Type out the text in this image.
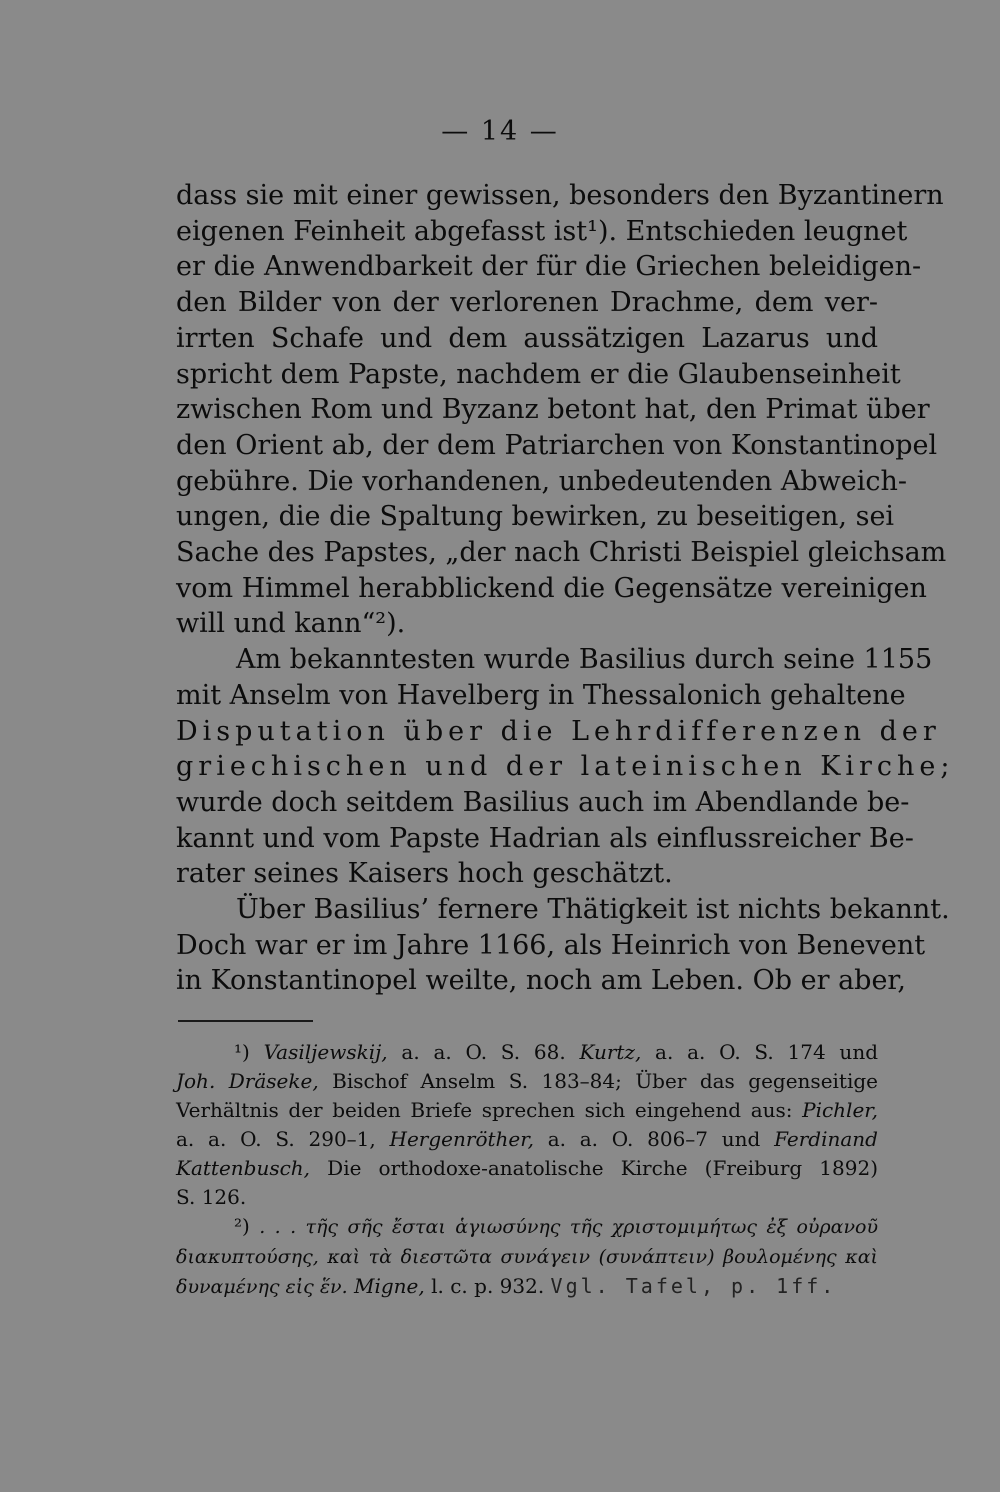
— 14 —
dass sie mit einer gewissen, besonders den Byzantinern
eigenen Feinheit abgefasst ist¹). Entschieden leugnet
er die Anwendbarkeit der für die Griechen beleidigen-
den Bilder von der verlorenen Drachme, dem ver-
irrten Schafe und dem aussätzigen Lazarus und
spricht dem Papste, nachdem er die Glaubenseinheit
zwischen Rom und Byzanz betont hat, den Primat über
den Orient ab, der dem Patriarchen von Konstantinopel
gebühre. Die vorhandenen, unbedeutenden Abweich-
ungen, die die Spaltung bewirken, zu beseitigen, sei
Sache des Papstes, „der nach Christi Beispiel gleichsam
vom Himmel herabblickend die Gegensätze vereinigen
will und kann“²).
Am bekanntesten wurde Basilius durch seine 1155
mit Anselm von Havelberg in Thessalonich gehaltene
Disputation über die Lehrdifferenzen der
griechischen und der lateinischen Kirche;
wurde doch seitdem Basilius auch im Abendlande be-
kannt und vom Papste Hadrian als einflussreicher Be-
rater seines Kaisers hoch geschätzt.
Über Basilius’ fernere Thätigkeit ist nichts bekannt.
Doch war er im Jahre 1166, als Heinrich von Benevent
in Konstantinopel weilte, noch am Leben. Ob er aber,
¹) Vasiljewskij, a. a. O. S. 68. Kurtz, a. a. O. S. 174 und
Joh. Dräseke, Bischof Anselm S. 183–84; Über das gegenseitige
Verhältnis der beiden Briefe sprechen sich eingehend aus: Pichler,
a. a. O. S. 290–1, Hergenröther, a. a. O. 806–7 und Ferdinand
Kattenbusch, Die orthodoxe-anatolische Kirche (Freiburg 1892)
S. 126.
²) . . . τῆς σῆς ἔσται ἁγιωσύνης τῆς χριστομιμήτως ἐξ οὐρανοῦ
διακυπτούσης, καὶ τὰ διεστῶτα συνάγειν (συνάπτειν) βουλομένης καὶ
δυναμένης εἰς ἕν. Migne, l. c. p. 932. Vgl. Tafel, p. 1ff.
